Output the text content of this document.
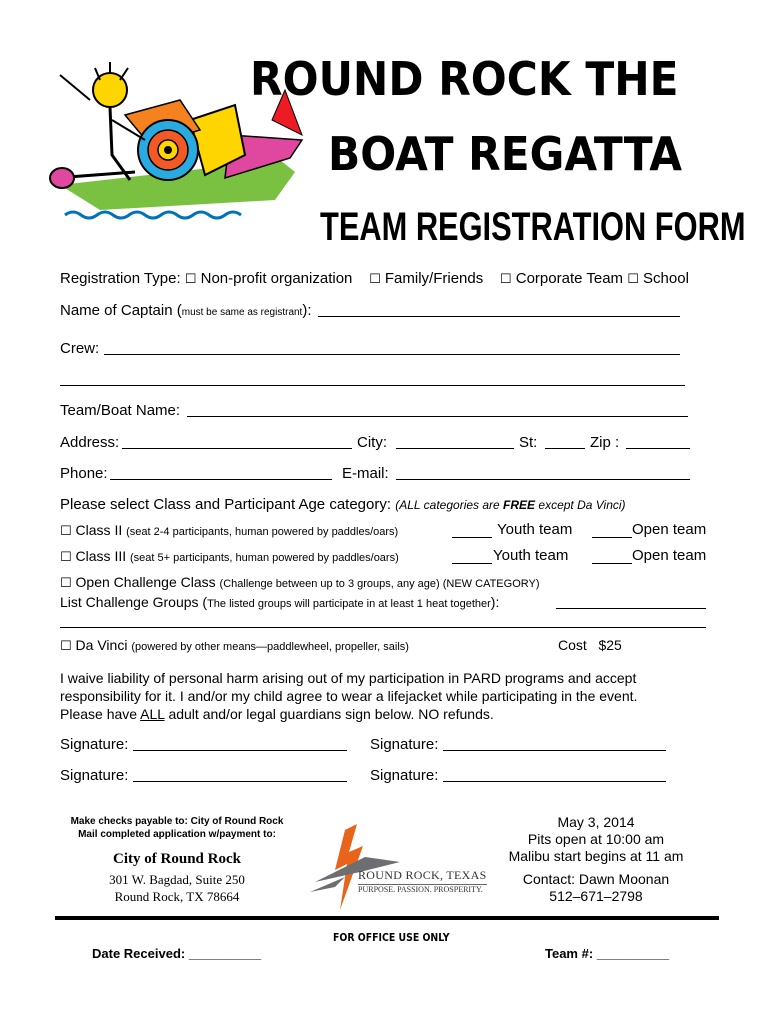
ROUND ROCK THE
BOAT REGATTA
TEAM REGISTRATION FORM
Registration Type: ☐ Non-profit organization ☐ Family/Friends ☐ Corporate Team ☐ School
Name of Captain (must be same as registrant):
Crew:
Team/Boat Name:
Address:	City:	St:	Zip :
Phone:	E-mail:
Please select Class and Participant Age category: (ALL categories are FREE except Da Vinci)
☐ Class II (seat 2-4 participants, human powered by paddles/oars)	Youth team	Open team
☐ Class III (seat 5+ participants, human powered by paddles/oars)	Youth team	Open team
☐ Open Challenge Class (Challenge between up to 3 groups, any age) (NEW CATEGORY)
List Challenge Groups (The listed groups will participate in at least 1 heat together):
☐ Da Vinci (powered by other means—paddlewheel, propeller, sails)	Cost   $25
I waive liability of personal harm arising out of my participation in PARD programs and accept
responsibility for it. I and/or my child agree to wear a lifejacket while participating in the event.
Please have ALL adult and/or legal guardians sign below. NO refunds.
Signature:	Signature:
Signature:	Signature:
Make checks payable to: City of Round Rock
Mail completed application w/payment to:
City of Round Rock
301 W. Bagdad, Suite 250
Round Rock, TX 78664
ROUND ROCK, TEXAS
PURPOSE. PASSION. PROSPERITY.
May 3, 2014
Pits open at 10:00 am
Malibu start begins at 11 am
Contact: Dawn Moonan
512–671–2798
FOR OFFICE USE ONLY
Date Received: __________	Team #: __________
